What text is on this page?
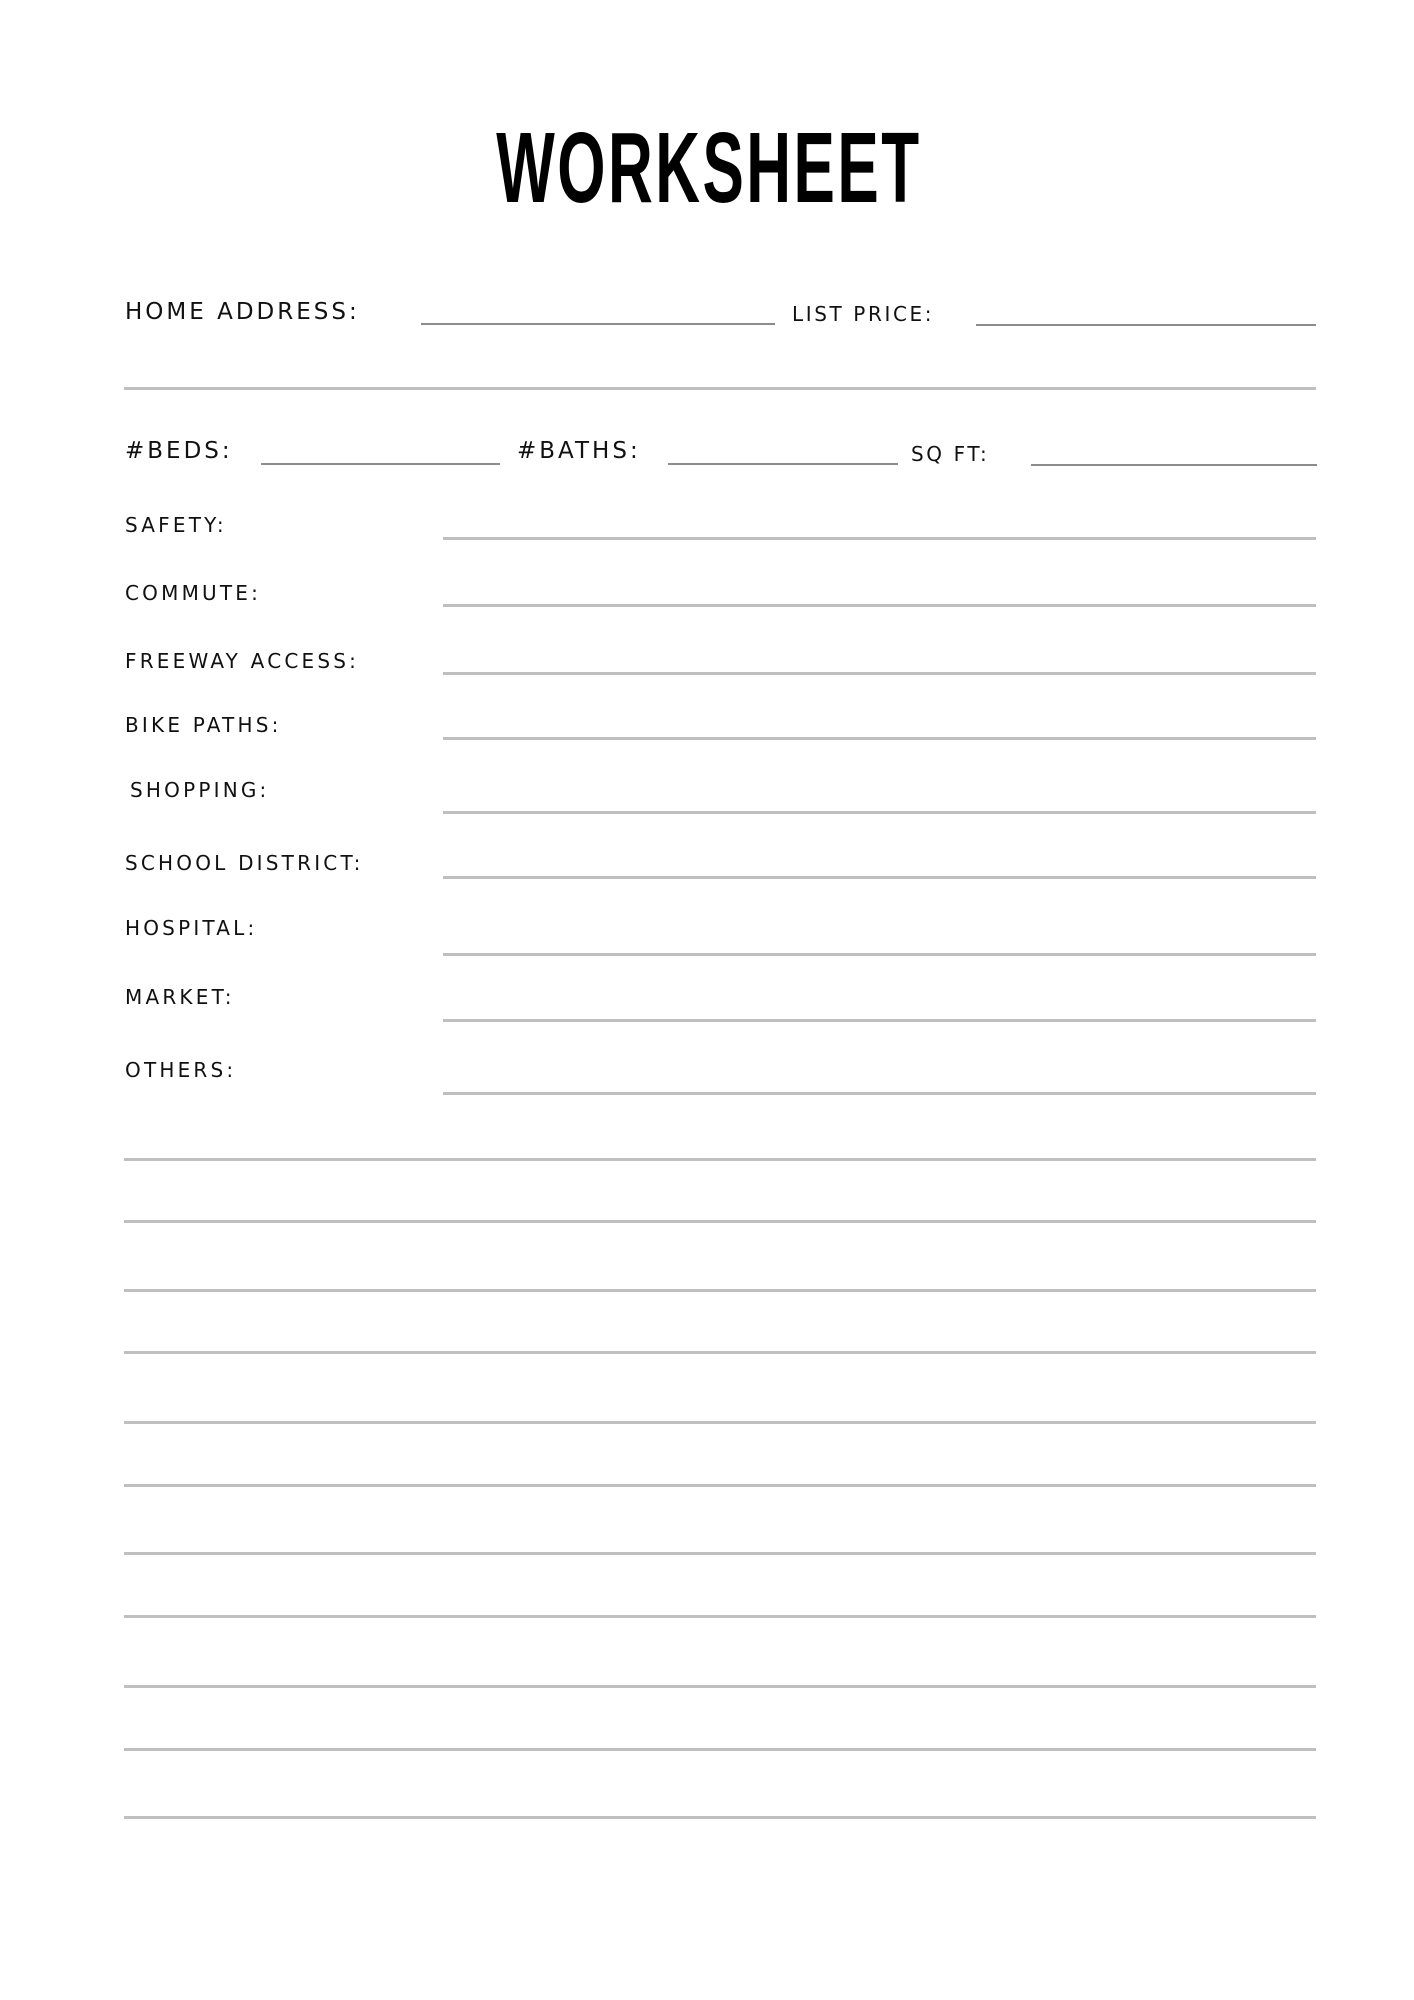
WORKSHEET
HOME ADDRESS:	LIST PRICE:
#BEDS:	#BATHS:	SQ FT:
SAFETY:
COMMUTE:
FREEWAY ACCESS:
BIKE PATHS:
SHOPPING:
SCHOOL DISTRICT:
HOSPITAL:
MARKET:
OTHERS:
